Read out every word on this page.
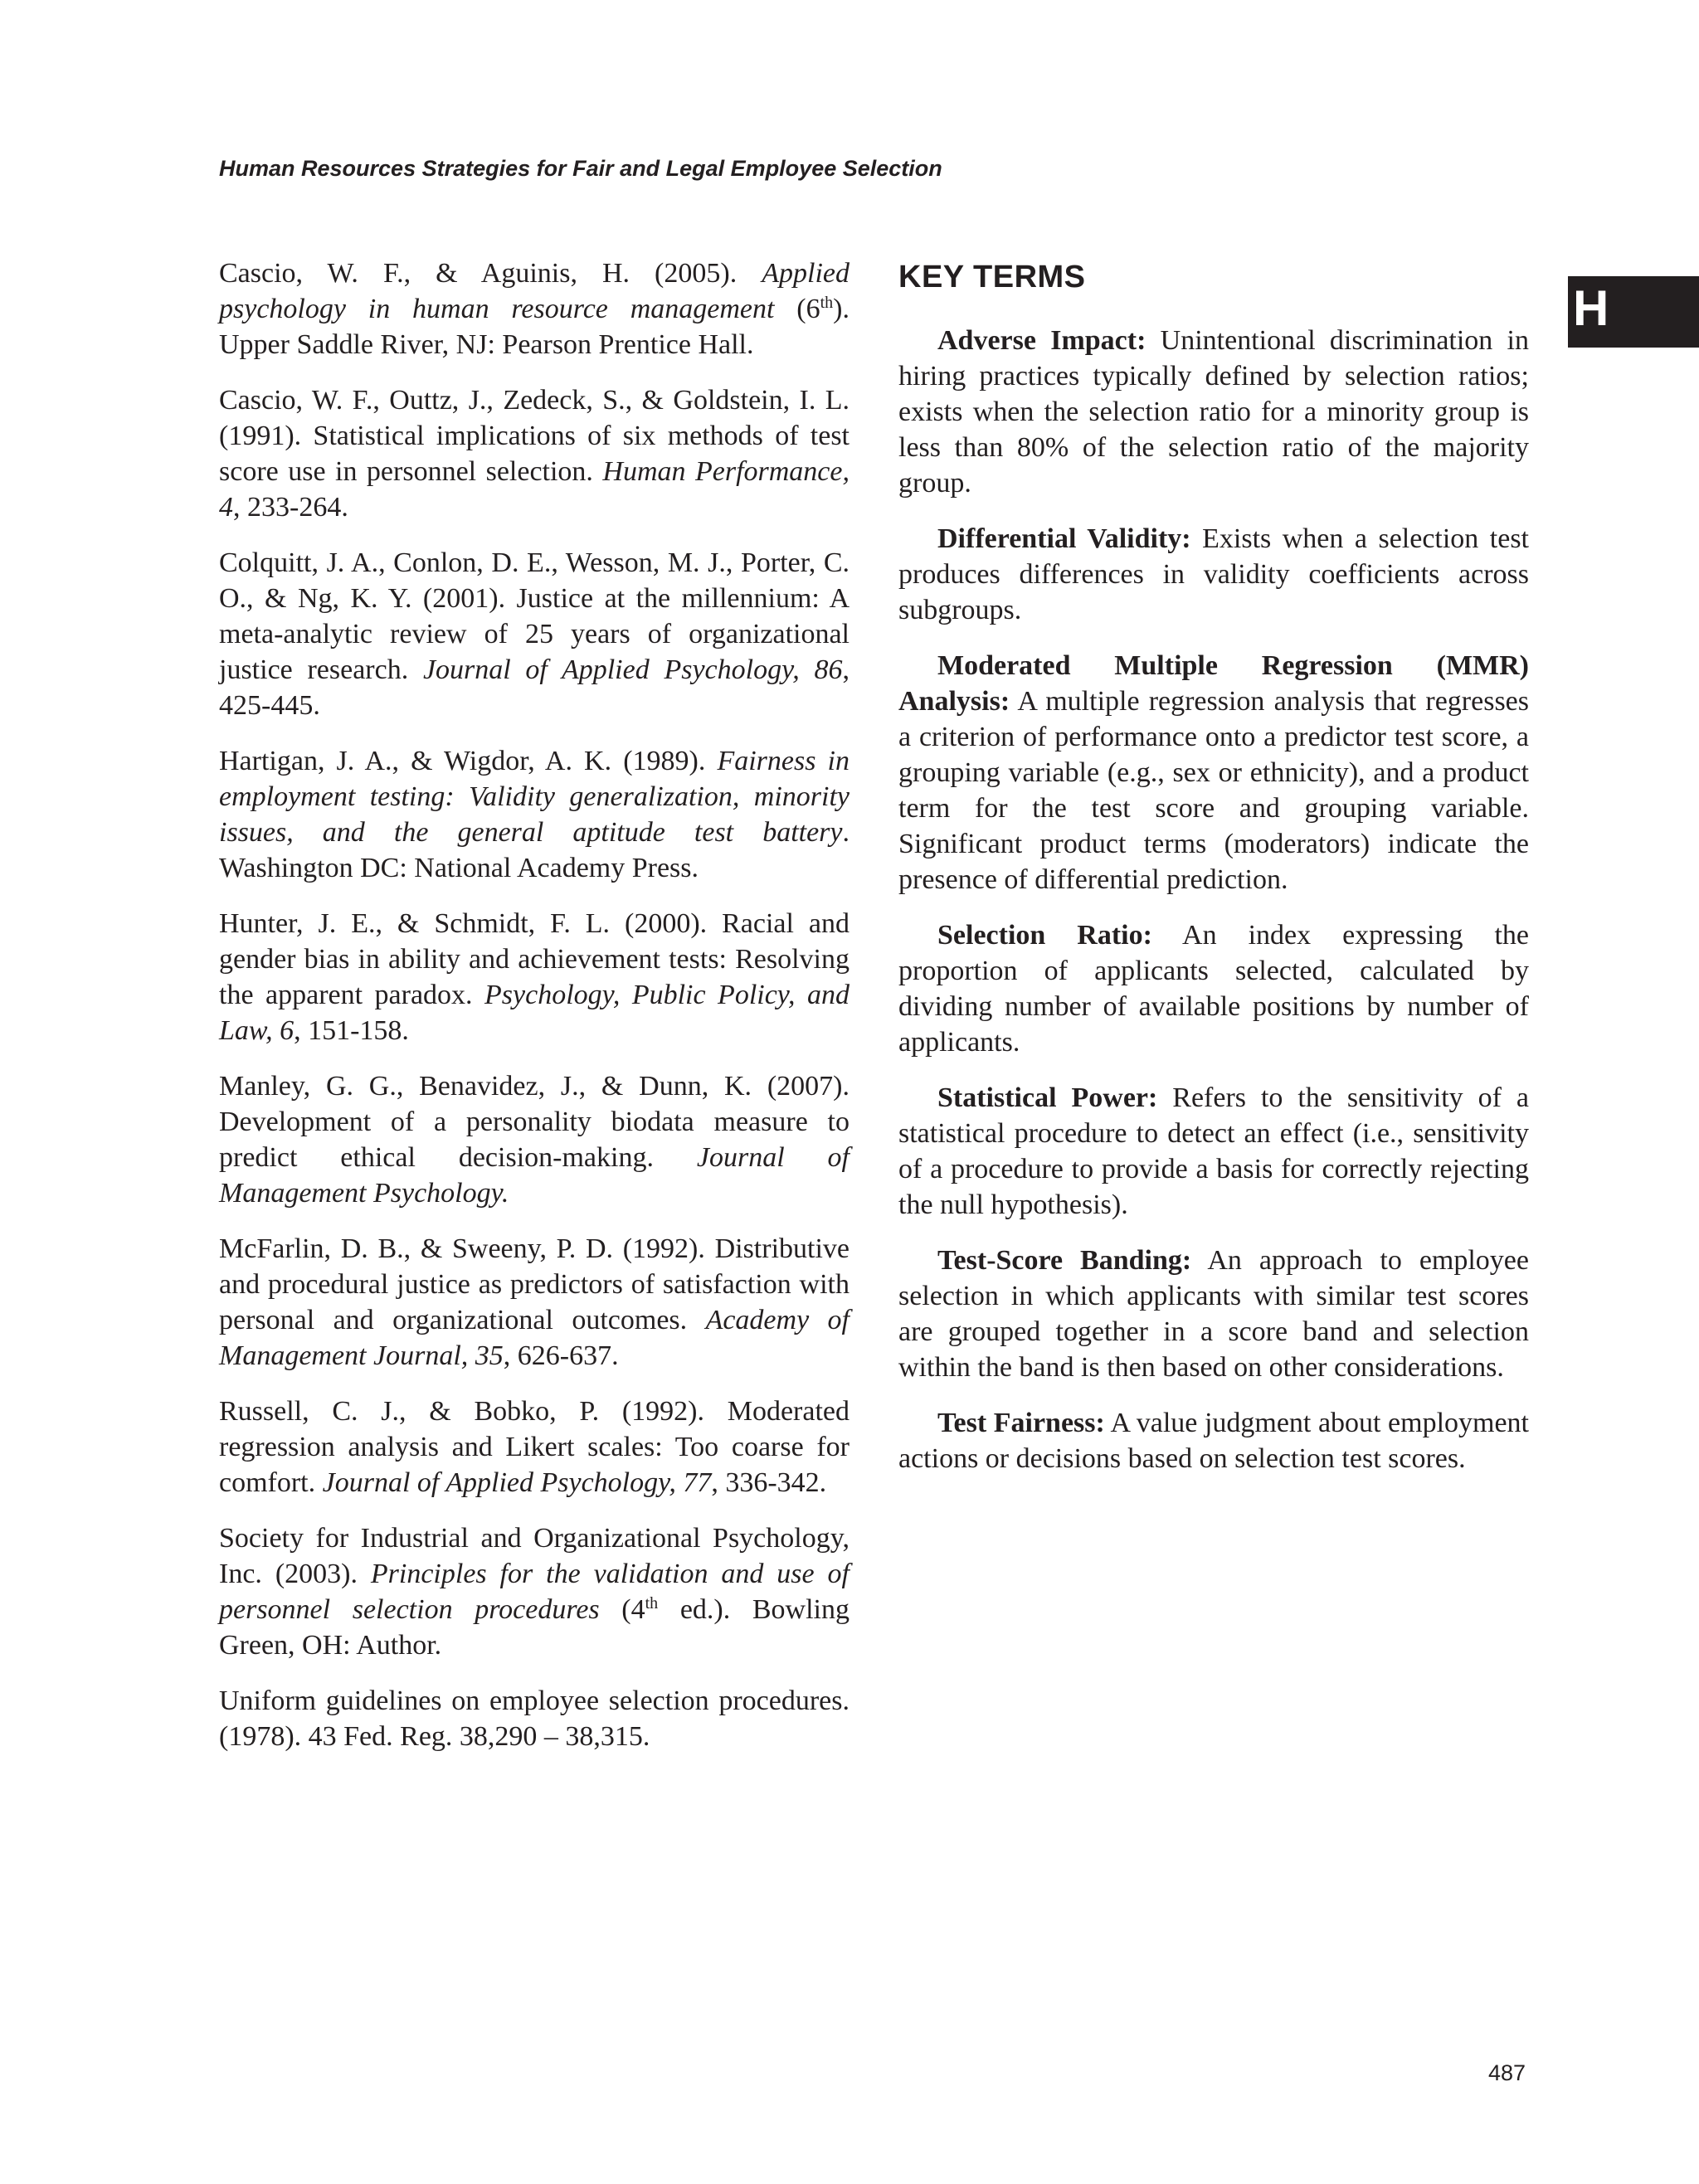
Human Resources Strategies for Fair and Legal Employee Selection
H

Cascio, W. F., & Aguinis, H. (2005). Applied psychology in human resource management (6th). Upper Saddle River, NJ: Pearson Prentice Hall.

Cascio, W. F., Outtz, J., Zedeck, S., & Goldstein, I. L. (1991). Statistical implications of six methods of test score use in personnel selection. Human Performance, 4, 233-264.

Colquitt, J. A., Conlon, D. E., Wesson, M. J., Porter, C. O., & Ng, K. Y. (2001). Justice at the millennium: A meta-analytic review of 25 years of organizational justice research. Journal of Applied Psychology, 86, 425-445.

Hartigan, J. A., & Wigdor, A. K. (1989). Fairness in employment testing: Validity generalization, minority issues, and the general aptitude test battery. Washington DC: National Academy Press.

Hunter, J. E., & Schmidt, F. L. (2000). Racial and gender bias in ability and achievement tests: Resolving the apparent paradox. Psychology, Public Policy, and Law, 6, 151-158.

Manley, G. G., Benavidez, J., & Dunn, K. (2007). Development of a personality biodata measure to predict ethical decision-making. Journal of Management Psychology.

McFarlin, D. B., & Sweeny, P. D. (1992). Distributive and procedural justice as predictors of satisfaction with personal and organizational outcomes. Academy of Management Journal, 35, 626-637.

Russell, C. J., & Bobko, P. (1992). Moderated regression analysis and Likert scales: Too coarse for comfort. Journal of Applied Psychology, 77, 336-342.

Society for Industrial and Organizational Psychology, Inc. (2003). Principles for the validation and use of personnel selection procedures (4th ed.). Bowling Green, OH: Author.

Uniform guidelines on employee selection procedures. (1978). 43 Fed. Reg. 38,290 – 38,315.

KEY TERMS

Adverse Impact: Unintentional discrimination in hiring practices typically defined by selection ratios; exists when the selection ratio for a minority group is less than 80% of the selection ratio of the majority group.

Differential Validity: Exists when a selection test produces differences in validity coefficients across subgroups.

Moderated Multiple Regression (MMR) Analysis: A multiple regression analysis that regresses a criterion of performance onto a predictor test score, a grouping variable (e.g., sex or ethnicity), and a product term for the test score and grouping variable. Significant product terms (moderators) indicate the presence of differential prediction.

Selection Ratio: An index expressing the proportion of applicants selected, calculated by dividing number of available positions by number of applicants.

Statistical Power: Refers to the sensitivity of a statistical procedure to detect an effect (i.e., sensitivity of a procedure to provide a basis for correctly rejecting the null hypothesis).

Test-Score Banding: An approach to employee selection in which applicants with similar test scores are grouped together in a score band and selection within the band is then based on other considerations.

Test Fairness: A value judgment about employment actions or decisions based on selection test scores.

487
